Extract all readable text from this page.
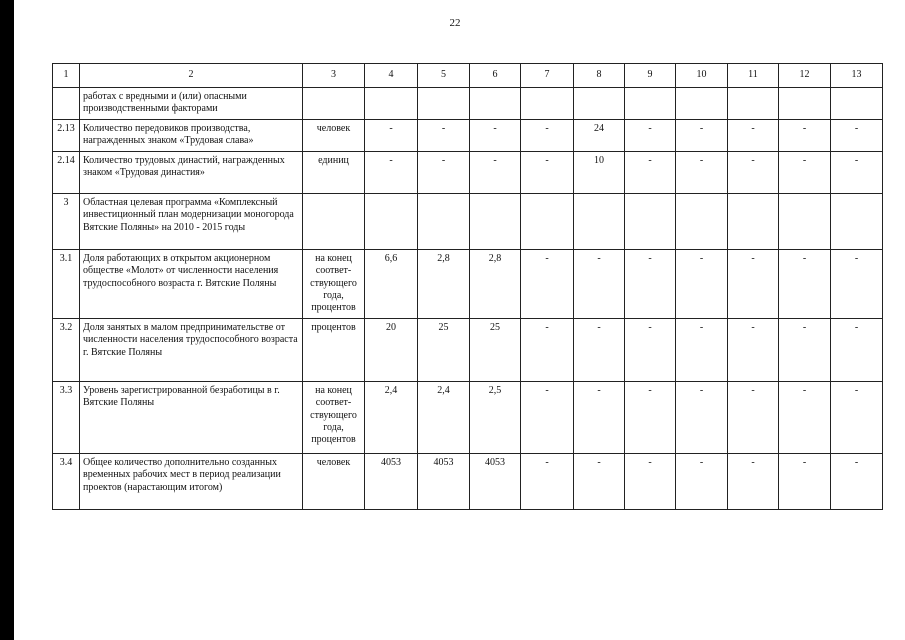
22
1	2	3	4	5	6	7	8	9	10	11	12	13
	работах с вредными и (или) опасными производственными факторами											
2.13	Количество передовиков производства, награжденных знаком «Трудовая слава»	человек	-	-	-	-	24	-	-	-	-	-
2.14	Количество трудовых династий, награжденных знаком «Трудовая династия»	единиц	-	-	-	-	10	-	-	-	-	-
3	Областная целевая программа «Комплексный инвестиционный план модернизации моногорода Вятские Поляны» на 2010 - 2015 годы											
3.1	Доля работающих в открытом акционерном обществе «Молот» от численности населения трудоспособного возраста г. Вятские Поляны	на конец соответ-ствующего года, процентов	6,6	2,8	2,8	-	-	-	-	-	-	-
3.2	Доля занятых в малом предпринимательстве от численности населения трудоспособного возраста г. Вятские Поляны	процентов	20	25	25	-	-	-	-	-	-	-
3.3	Уровень зарегистрированной безработицы в г. Вятские Поляны	на конец соответ-ствующего года, процентов	2,4	2,4	2,5	-	-	-	-	-	-	-
3.4	Общее количество дополнительно созданных временных рабочих мест в период реализации проектов (нарастающим итогом)	человек	4053	4053	4053	-	-	-	-	-	-	-
